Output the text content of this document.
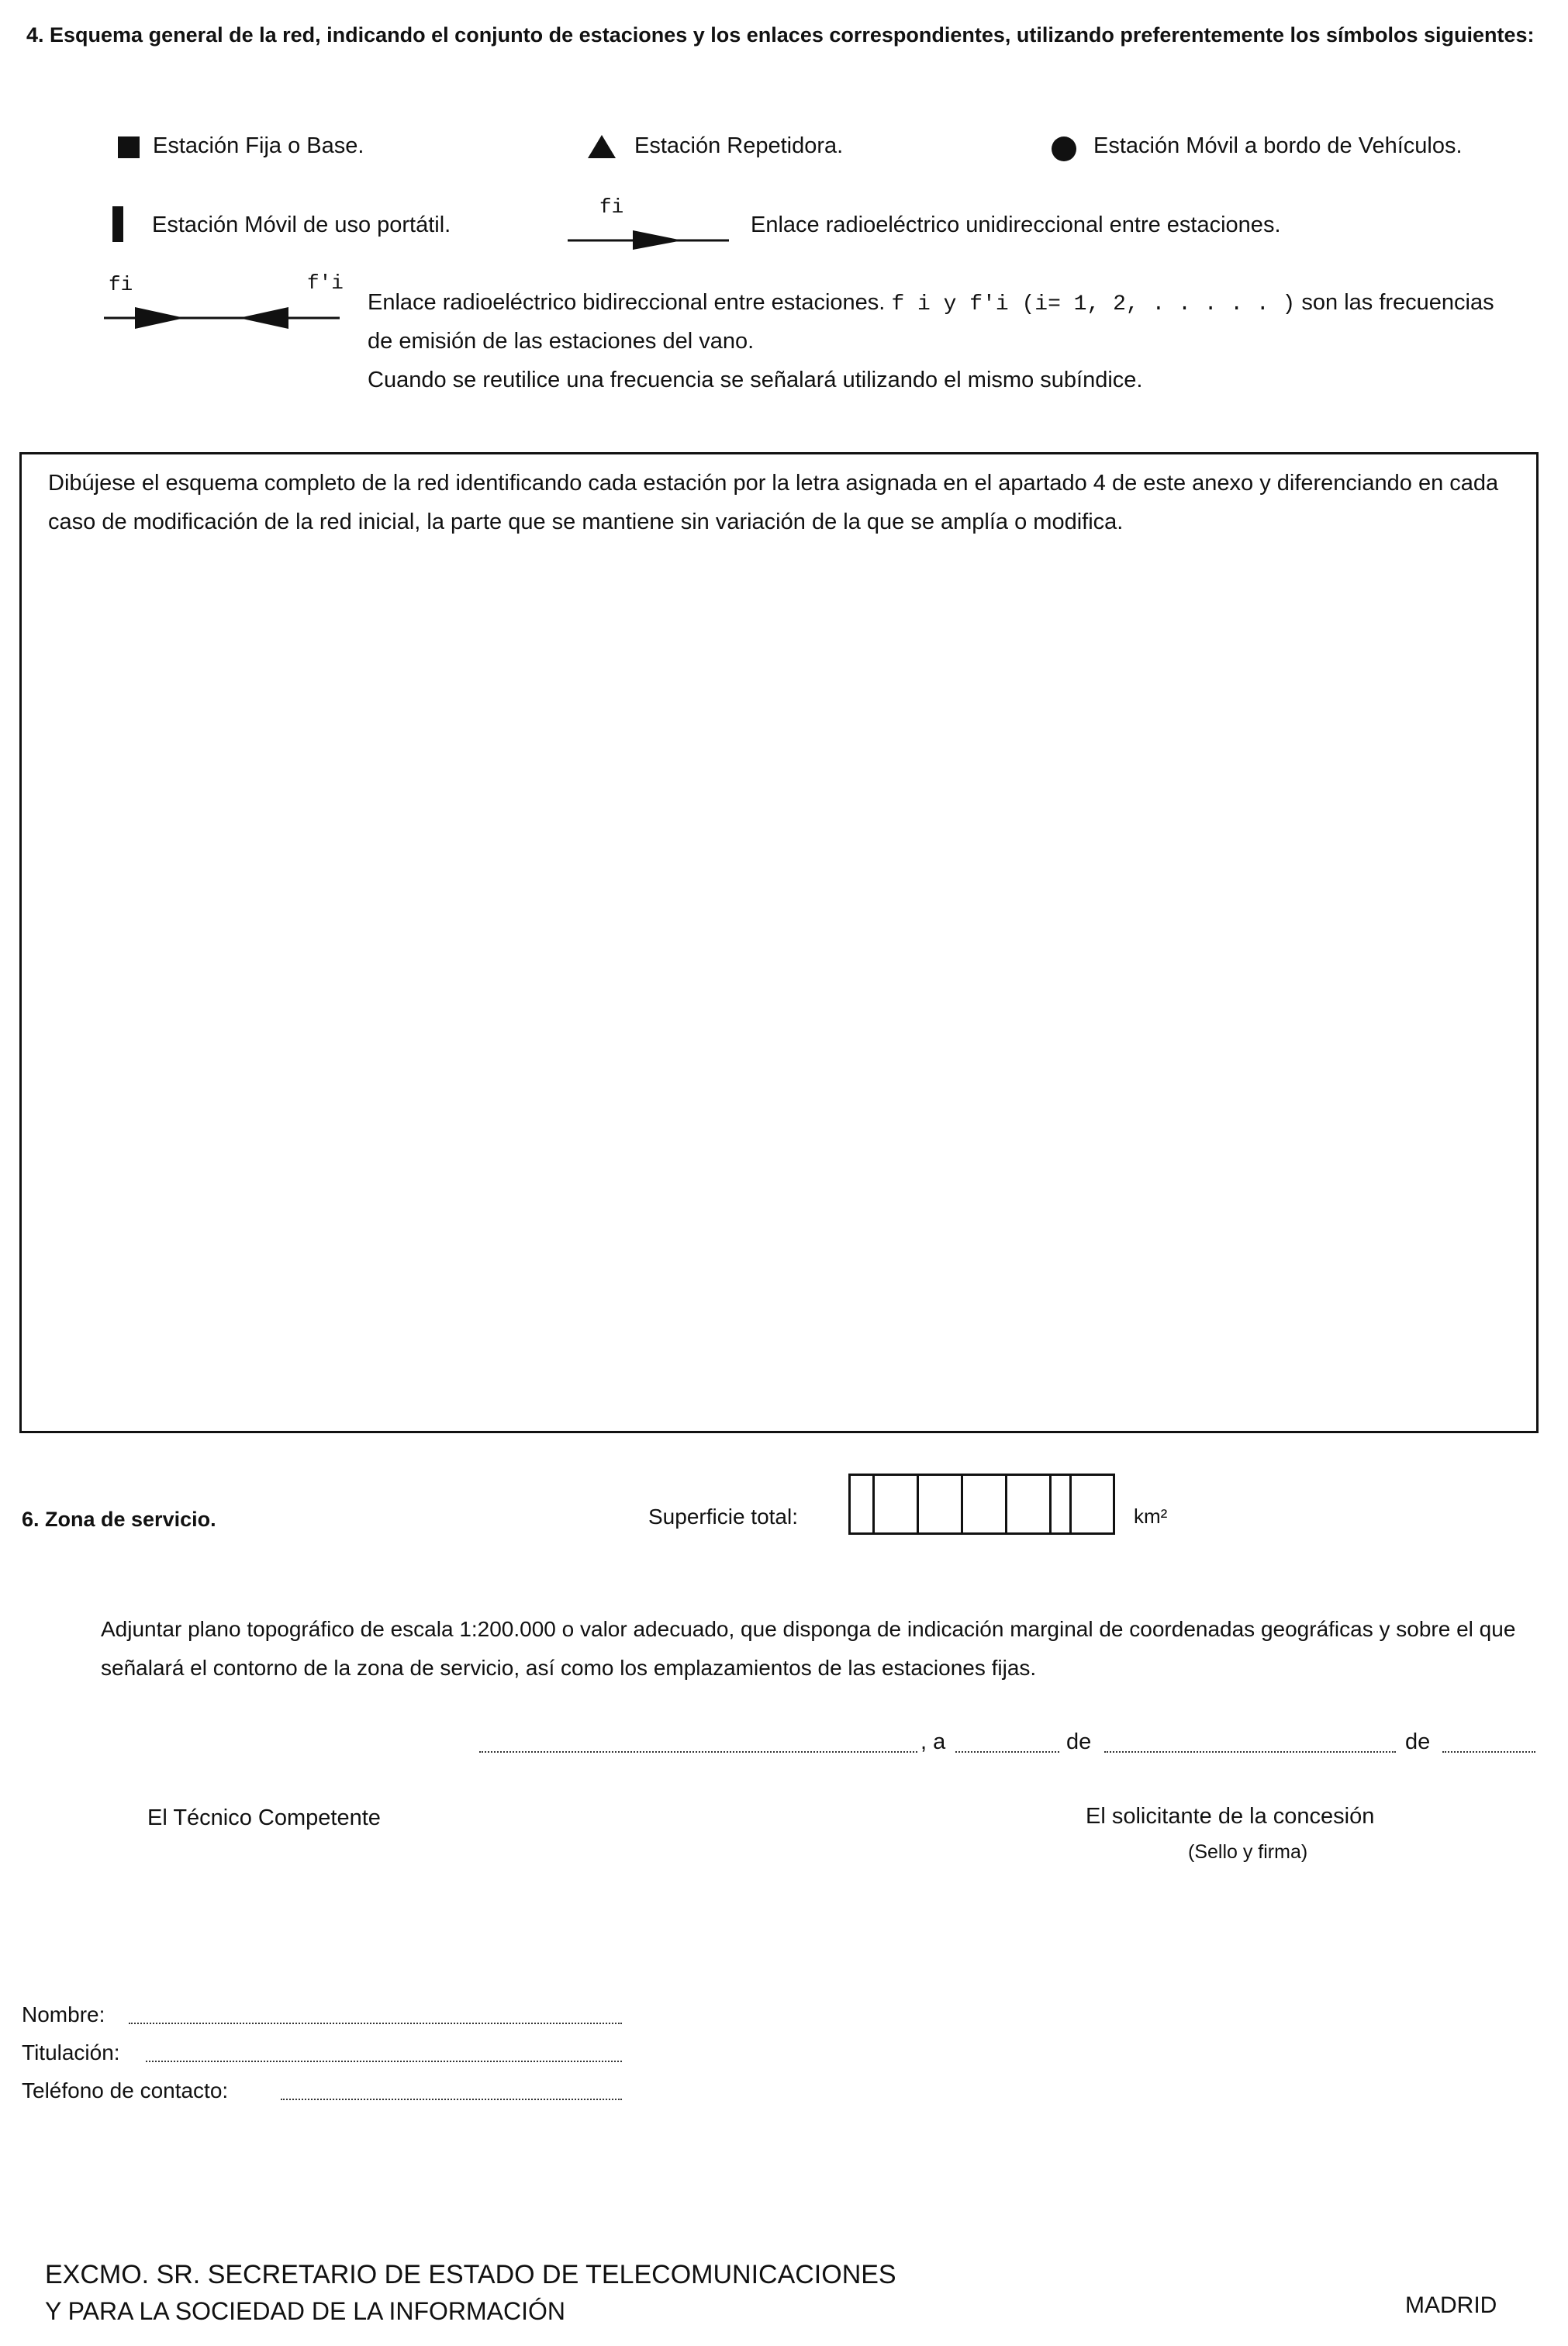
4. Esquema general de la red, indicando el conjunto de estaciones y los enlaces correspondientes, utilizando preferentemente los símbolos siguientes:
Estación Fija o Base.	Estación Repetidora.	Estación Móvil a bordo de Vehículos.
Estación Móvil de uso portátil.
fi
Enlace radioeléctrico unidireccional entre estaciones.
fi	f'i
Enlace radioeléctrico bidireccional entre estaciones. f i y f'i (i= 1, 2, . . . . . ) son las frecuencias
de emisión de las estaciones del vano.
Cuando se reutilice una frecuencia se señalará utilizando el mismo subíndice.
Dibújese el esquema completo de la red identificando cada estación por la letra asignada en el apartado 4 de este anexo y diferenciando en cada caso de modificación de la red inicial, la parte que se mantiene sin variación de la que se amplía o modifica.
6. Zona de servicio.	Superficie total:	km²
Adjuntar plano topográfico de escala 1:200.000 o valor adecuado, que disponga de indicación marginal de coordenadas geográficas y sobre el que señalará el contorno de la zona de servicio, así como los emplazamientos de las estaciones fijas.
, a	de	de
El Técnico Competente	El solicitante de la concesión
(Sello y firma)
Nombre:
Titulación:
Teléfono de contacto:
EXCMO. SR. SECRETARIO DE ESTADO DE TELECOMUNICACIONES
Y PARA LA SOCIEDAD DE LA INFORMACIÓN	MADRID
